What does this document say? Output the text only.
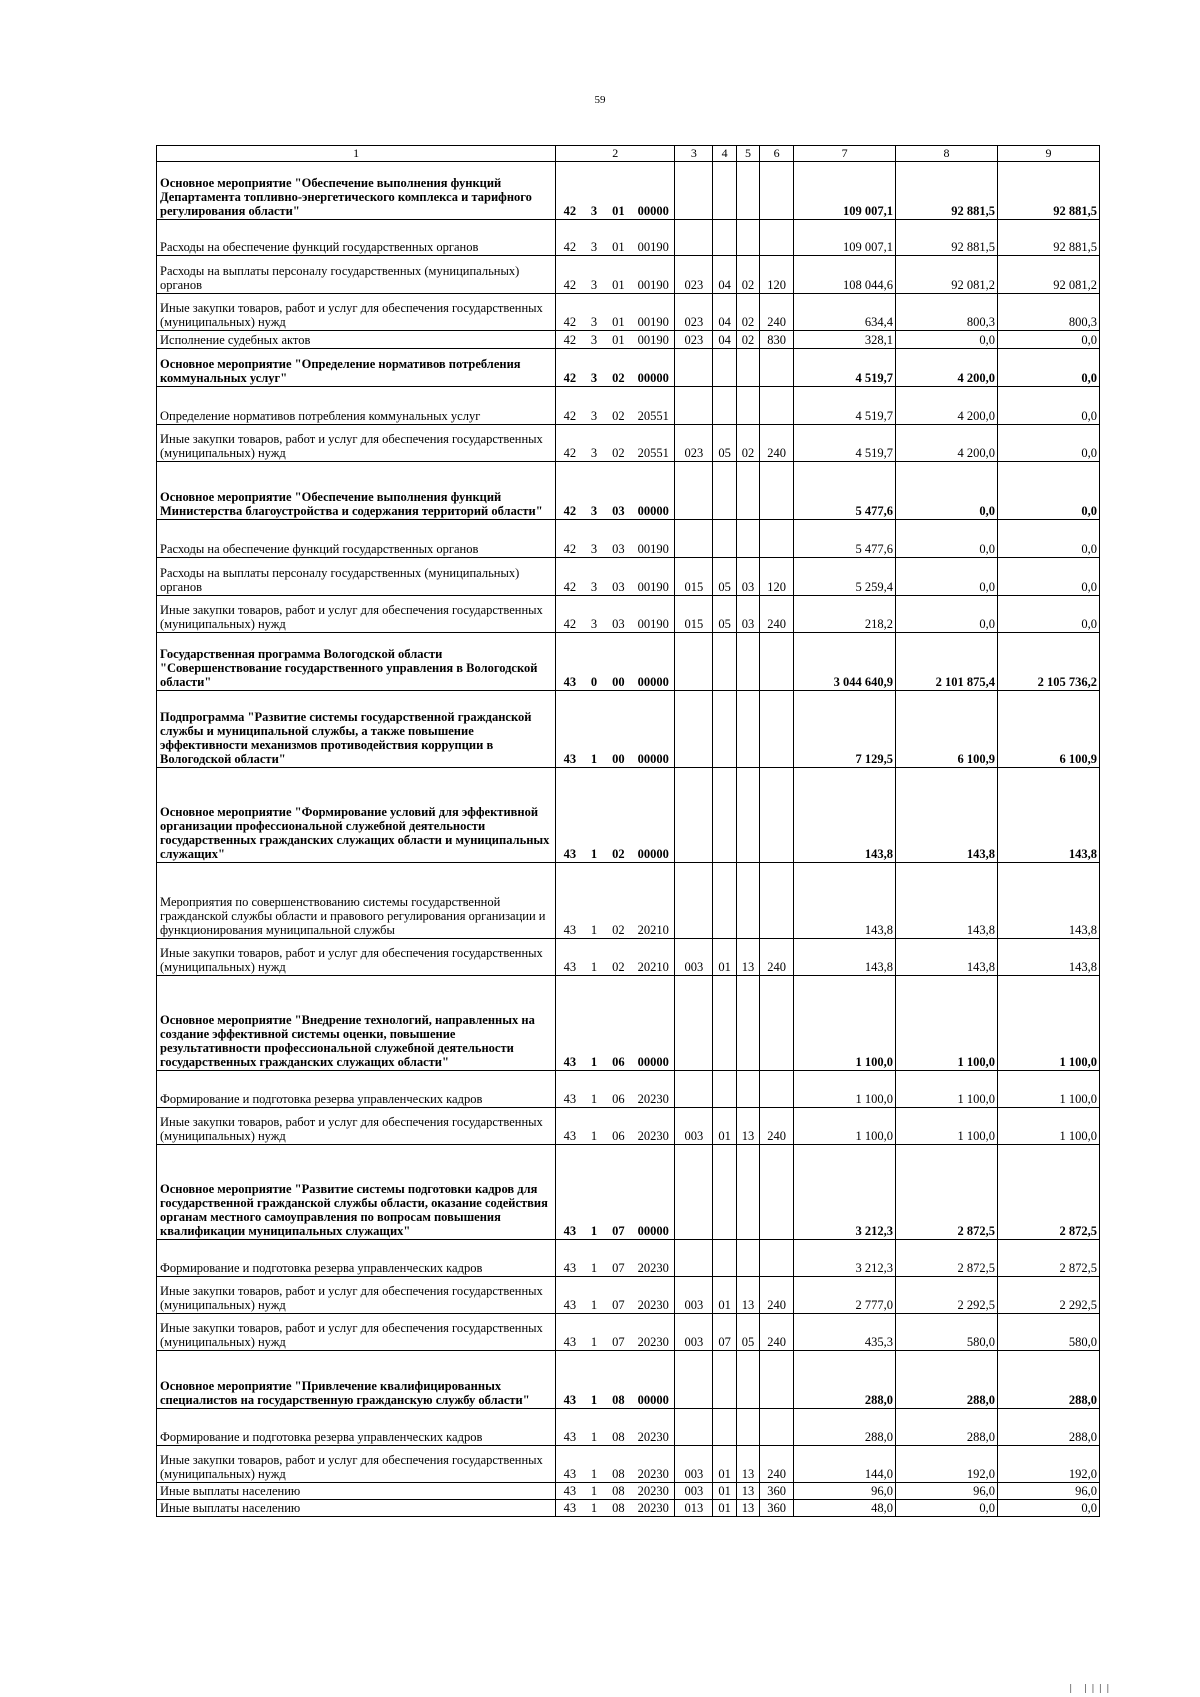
59
1	2				3	4	5	6	7	8	9
Основное мероприятие "Обеспечение выполнения функций Департамента топливно-энергетического комплекса и тарифного регулирования области"	42	3	01	00000					109 007,1	92 881,5	92 881,5
Расходы на обеспечение функций государственных органов	42	3	01	00190					109 007,1	92 881,5	92 881,5
Расходы на выплаты персоналу государственных (муниципальных) органов	42	3	01	00190	023	04	02	120	108 044,6	92 081,2	92 081,2
Иные закупки товаров, работ и услуг для обеспечения государственных (муниципальных) нужд	42	3	01	00190	023	04	02	240	634,4	800,3	800,3
Исполнение судебных актов	42	3	01	00190	023	04	02	830	328,1	0,0	0,0
Основное мероприятие "Определение нормативов потребления коммунальных услуг"	42	3	02	00000					4 519,7	4 200,0	0,0
Определение нормативов потребления коммунальных услуг	42	3	02	20551					4 519,7	4 200,0	0,0
Иные закупки товаров, работ и услуг для обеспечения государственных (муниципальных) нужд	42	3	02	20551	023	05	02	240	4 519,7	4 200,0	0,0
Основное мероприятие "Обеспечение выполнения функций Министерства благоустройства и содержания территорий области"	42	3	03	00000					5 477,6	0,0	0,0
Расходы на обеспечение функций государственных органов	42	3	03	00190					5 477,6	0,0	0,0
Расходы на выплаты персоналу государственных (муниципальных) органов	42	3	03	00190	015	05	03	120	5 259,4	0,0	0,0
Иные закупки товаров, работ и услуг для обеспечения государственных (муниципальных) нужд	42	3	03	00190	015	05	03	240	218,2	0,0	0,0
Государственная программа Вологодской области "Совершенствование государственного управления в Вологодской области"	43	0	00	00000					3 044 640,9	2 101 875,4	2 105 736,2
Подпрограмма "Развитие системы государственной гражданской службы и муниципальной службы, а также повышение эффективности механизмов противодействия коррупции в Вологодской области"	43	1	00	00000					7 129,5	6 100,9	6 100,9
Основное мероприятие "Формирование условий для эффективной организации профессиональной служебной деятельности государственных гражданских служащих области и муниципальных служащих"	43	1	02	00000					143,8	143,8	143,8
Мероприятия по совершенствованию системы государственной гражданской службы области и правового регулирования организации и функционирования муниципальной службы	43	1	02	20210					143,8	143,8	143,8
Иные закупки товаров, работ и услуг для обеспечения государственных (муниципальных) нужд	43	1	02	20210	003	01	13	240	143,8	143,8	143,8
Основное мероприятие "Внедрение технологий, направленных на создание эффективной системы оценки, повышение результативности профессиональной служебной деятельности государственных гражданских служащих области"	43	1	06	00000					1 100,0	1 100,0	1 100,0
Формирование и подготовка резерва управленческих кадров	43	1	06	20230					1 100,0	1 100,0	1 100,0
Иные закупки товаров, работ и услуг для обеспечения государственных (муниципальных) нужд	43	1	06	20230	003	01	13	240	1 100,0	1 100,0	1 100,0
Основное мероприятие "Развитие системы подготовки кадров для государственной гражданской службы области, оказание содействия органам местного самоуправления по вопросам повышения квалификации муниципальных служащих"	43	1	07	00000					3 212,3	2 872,5	2 872,5
Формирование и подготовка резерва управленческих кадров	43	1	07	20230					3 212,3	2 872,5	2 872,5
Иные закупки товаров, работ и услуг для обеспечения государственных (муниципальных) нужд	43	1	07	20230	003	01	13	240	2 777,0	2 292,5	2 292,5
Иные закупки товаров, работ и услуг для обеспечения государственных (муниципальных) нужд	43	1	07	20230	003	07	05	240	435,3	580,0	580,0
Основное мероприятие "Привлечение квалифицированных специалистов на государственную гражданскую службу области"	43	1	08	00000					288,0	288,0	288,0
Формирование и подготовка резерва управленческих кадров	43	1	08	20230					288,0	288,0	288,0
Иные закупки товаров, работ и услуг для обеспечения государственных (муниципальных) нужд	43	1	08	20230	003	01	13	240	144,0	192,0	192,0
Иные выплаты населению	43	1	08	20230	003	01	13	360	96,0	96,0	96,0
Иные выплаты населению	43	1	08	20230	013	01	13	360	48,0	0,0	0,0
| ||||
